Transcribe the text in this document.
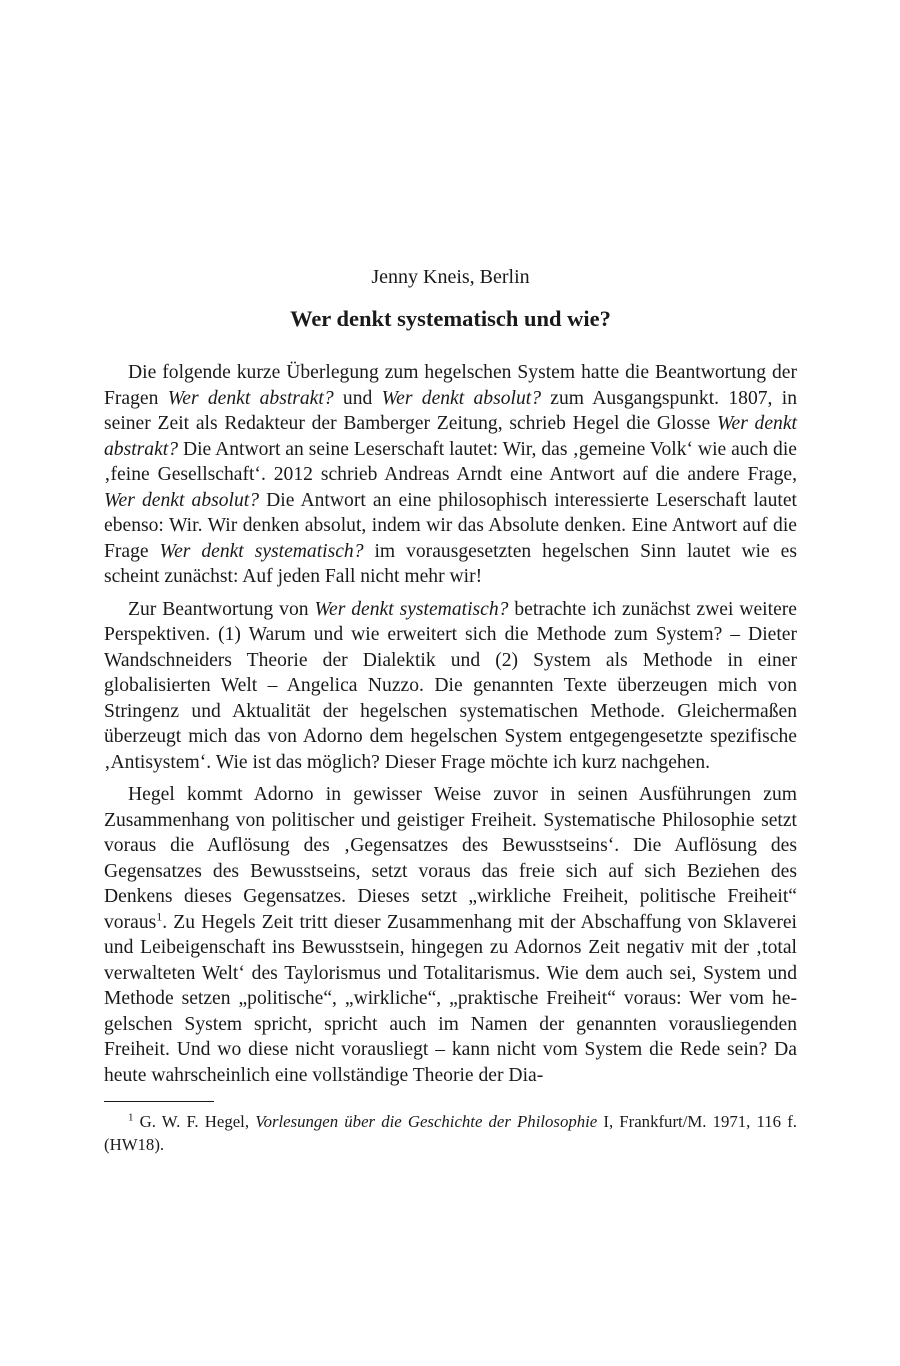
Jenny Kneis, Berlin

Wer denkt systematisch und wie?

Die folgende kurze Überlegung zum hegelschen System hatte die Beantwortung der Fragen Wer denkt abstrakt? und Wer denkt absolut? zum Ausgangspunkt. 1807, in seiner Zeit als Redakteur der Bamberger Zeitung, schrieb Hegel die Glosse Wer denkt abstrakt? Die Antwort an seine Leserschaft lautet: Wir, das ‚gemeine Volk‘ wie auch die ‚feine Gesellschaft‘. 2012 schrieb Andreas Arndt eine Antwort auf die andere Frage, Wer denkt absolut? Die Antwort an eine philosophisch interessierte Leserschaft lautet ebenso: Wir. Wir denken absolut, indem wir das Absolute denken. Eine Antwort auf die Frage Wer denkt systematisch? im vorausgesetzten hegelschen Sinn lautet wie es scheint zunächst: Auf jeden Fall nicht mehr wir!

Zur Beantwortung von Wer denkt systematisch? betrachte ich zunächst zwei weitere Perspektiven. (1) Warum und wie erweitert sich die Methode zum System? – Dieter Wandschneiders Theorie der Dialektik und (2) System als Methode in einer globalisierten Welt – Angelica Nuzzo. Die genannten Texte überzeugen mich von Stringenz und Aktualität der hegelschen systematischen Methode. Gleichermaßen überzeugt mich das von Adorno dem hegelschen System entgegengesetzte spezifische ‚Antisystem‘. Wie ist das möglich? Dieser Frage möchte ich kurz nachgehen.

Hegel kommt Adorno in gewisser Weise zuvor in seinen Ausführungen zum Zusammenhang von politischer und geistiger Freiheit. Systematische Philosophie setzt voraus die Auflösung des ‚Gegensatzes des Bewusstseins‘. Die Auflösung des Gegensatzes des Bewusstseins, setzt voraus das freie sich auf sich Beziehen des Denkens dieses Gegensatzes. Dieses setzt „wirkliche Freiheit, politische Freiheit“ voraus$^1$. Zu Hegels Zeit tritt dieser Zusammenhang mit der Abschaffung von Sklaverei und Leibeigenschaft ins Bewusstsein, hingegen zu Adornos Zeit negativ mit der ‚total verwalteten Welt‘ des Taylorismus und Totalitarismus. Wie dem auch sei, System und Methode setzen „politische“, „wirkliche“, „praktische Freiheit“ voraus: Wer vom hegelschen System spricht, spricht auch im Namen der genannten vorausliegenden Freiheit. Und wo diese nicht vorausliegt – kann nicht vom System die Rede sein? Da heute wahrscheinlich eine vollständige Theorie der Dia-

$^1$ G. W. F. Hegel, Vorlesungen über die Geschichte der Philosophie I, Frankfurt/M. 1971, 116 f. (HW18).
